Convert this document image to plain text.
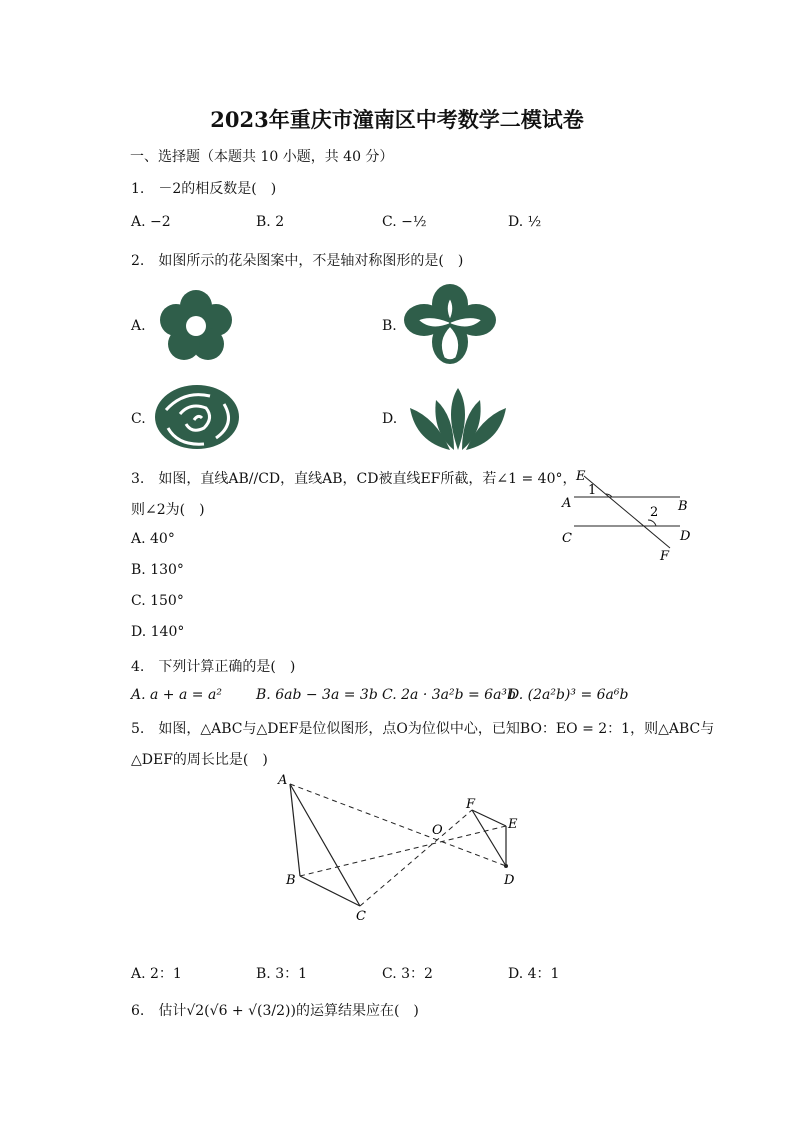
2023年重庆市潼南区中考数学二模试卷
一、选择题（本题共 10 小题，共 40 分）
1.　－2的相反数是(　)
A. −2	B. 2	C. −½	D. ½
2.　如图所示的花朵图案中，不是轴对称图形的是(　)
A.	B.
C.	D.
3.　如图，直线AB//CD，直线AB，CD被直线EF所截，若∠1 = 40°，
则∠2为(　)
A. 40°
B. 130°
C. 150°
D. 140°
E
A	B
C	D
F
1
2
4.　下列计算正确的是(　)
A. a + a = a² B. 6ab − 3a = 3b C. 2a · 3a²b = 6a³b
D. (2a²b)³ = 6a⁶b
5.　如图，△ABC与△DEF是位似图形，点O为位似中心，已知BO：EO = 2：1，则△ABC与
△DEF的周长比是(　)
A
B
C
D
E
F
O
A. 2：1	B. 3：1	C. 3：2	D. 4：1
6.　估计√2(√6 + √(3/2))的运算结果应在(　)
